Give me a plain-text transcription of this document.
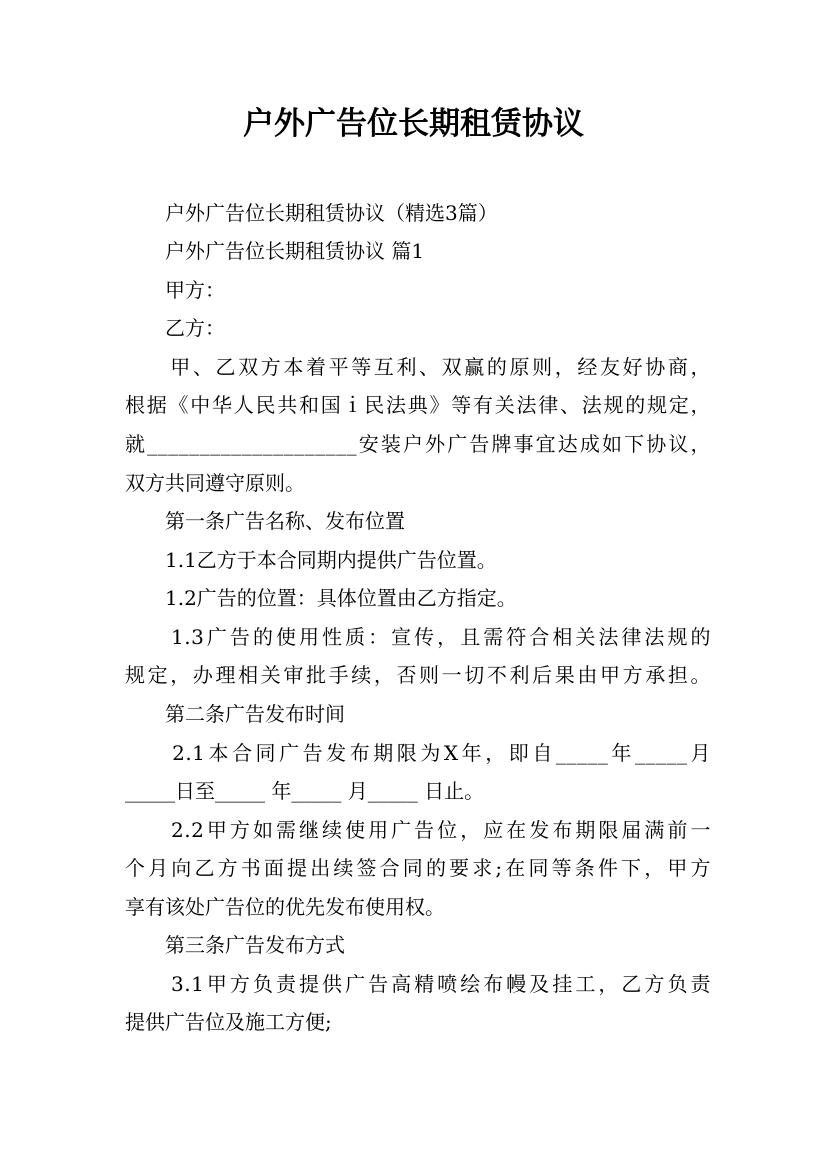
户外广告位长期租赁协议

　　户外广告位长期租赁协议（精选3篇）

　　户外广告位长期租赁协议 篇1

　　甲方：

　　乙方：

　　甲、乙双方本着平等互利、双赢的原则，经友好协商，

根据《中华人民共和国ｉ民法典》等有关法律、法规的规定，

就____________________安装户外广告牌事宜达成如下协议，

双方共同遵守原则。

　　第一条广告名称、发布位置

　　1.1乙方于本合同期内提供广告位置。

　　1.2广告的位置：具体位置由乙方指定。

　　1.3广告的使用性质：宣传，且需符合相关法律法规的

规定，办理相关审批手续，否则一切不利后果由甲方承担。

　　第二条广告发布时间

　　2.1本合同广告发布期限为X年，即自_____年_____月

_____日至_____ 年_____ 月_____ 日止。

　　2.2甲方如需继续使用广告位，应在发布期限届满前一

个月向乙方书面提出续签合同的要求;在同等条件下，甲方

享有该处广告位的优先发布使用权。

　　第三条广告发布方式

　　3.1甲方负责提供广告高精喷绘布幔及挂工，乙方负责

提供广告位及施工方便;
